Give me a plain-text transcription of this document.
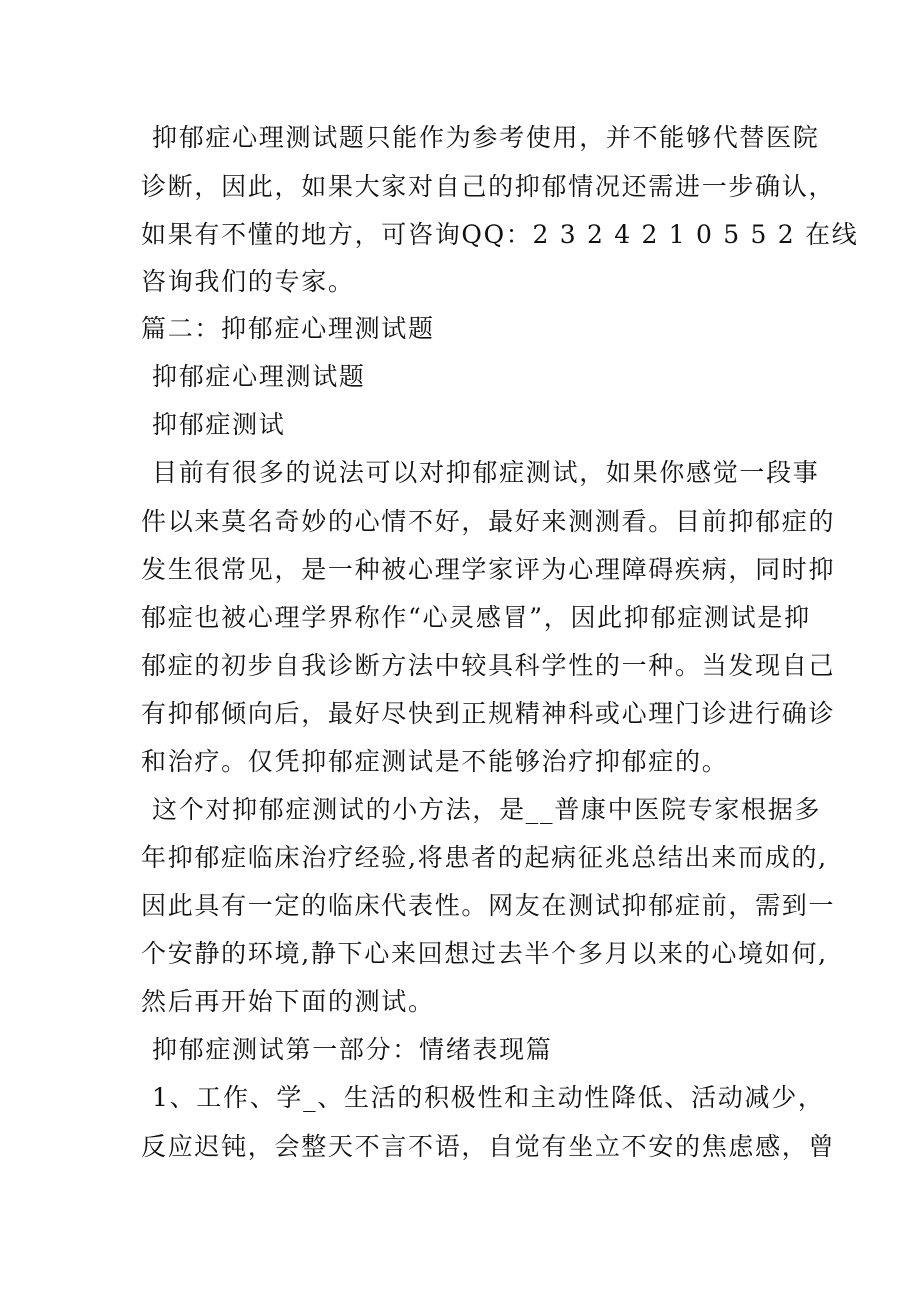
抑郁症心理测试题只能作为参考使用，并不能够代替医院
诊断，因此，如果大家对自己的抑郁情况还需进一步确认，
如果有不懂的地方，可咨询QQ：2 3 2 4 2 1 0 5 5 2 在线
咨询我们的专家。
篇二：抑郁症心理测试题
抑郁症心理测试题
抑郁症测试
目前有很多的说法可以对抑郁症测试，如果你感觉一段事
件以来莫名奇妙的心情不好，最好来测测看。目前抑郁症的
发生很常见，是一种被心理学家评为心理障碍疾病，同时抑
郁症也被心理学界称作“心灵感冒”，因此抑郁症测试是抑
郁症的初步自我诊断方法中较具科学性的一种。当发现自己
有抑郁倾向后，最好尽快到正规精神科或心理门诊进行确诊
和治疗。仅凭抑郁症测试是不能够治疗抑郁症的。
这个对抑郁症测试的小方法，是__普康中医院专家根据多
年抑郁症临床治疗经验,将患者的起病征兆总结出来而成的,
因此具有一定的临床代表性。网友在测试抑郁症前，需到一
个安静的环境,静下心来回想过去半个多月以来的心境如何,
然后再开始下面的测试。
抑郁症测试第一部分：情绪表现篇
1、工作、学_、生活的积极性和主动性降低、活动减少，
反应迟钝，会整天不言不语，自觉有坐立不安的焦虑感，曾
